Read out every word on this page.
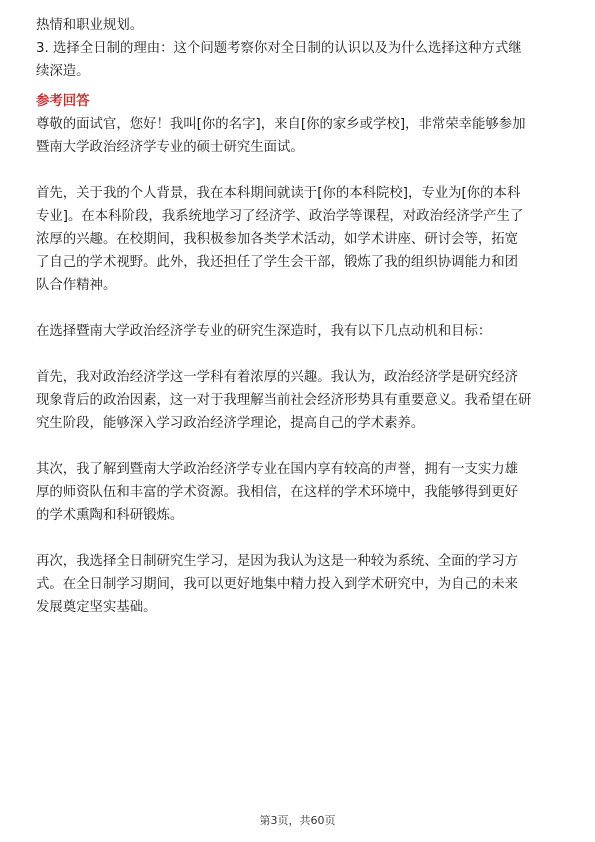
热情和职业规划。

3. 选择全日制的理由：这个问题考察你对全日制的认识以及为什么选择这种方式继

续深造。

参考回答

尊敬的面试官，您好！我叫[你的名字]，来自[你的家乡或学校]，非常荣幸能够参加

暨南大学政治经济学专业的硕士研究生面试。

首先，关于我的个人背景，我在本科期间就读于[你的本科院校]，专业为[你的本科

专业]。在本科阶段，我系统地学习了经济学、政治学等课程，对政治经济学产生了

浓厚的兴趣。在校期间，我积极参加各类学术活动，如学术讲座、研讨会等，拓宽

了自己的学术视野。此外，我还担任了学生会干部，锻炼了我的组织协调能力和团

队合作精神。

在选择暨南大学政治经济学专业的研究生深造时，我有以下几点动机和目标：

首先，我对政治经济学这一学科有着浓厚的兴趣。我认为，政治经济学是研究经济

现象背后的政治因素，这一对于我理解当前社会经济形势具有重要意义。我希望在研

究生阶段，能够深入学习政治经济学理论，提高自己的学术素养。

其次，我了解到暨南大学政治经济学专业在国内享有较高的声誉，拥有一支实力雄

厚的师资队伍和丰富的学术资源。我相信，在这样的学术环境中，我能够得到更好

的学术熏陶和科研锻炼。

再次，我选择全日制研究生学习，是因为我认为这是一种较为系统、全面的学习方

式。在全日制学习期间，我可以更好地集中精力投入到学术研究中，为自己的未来

发展奠定坚实基础。

第3页，共60页
